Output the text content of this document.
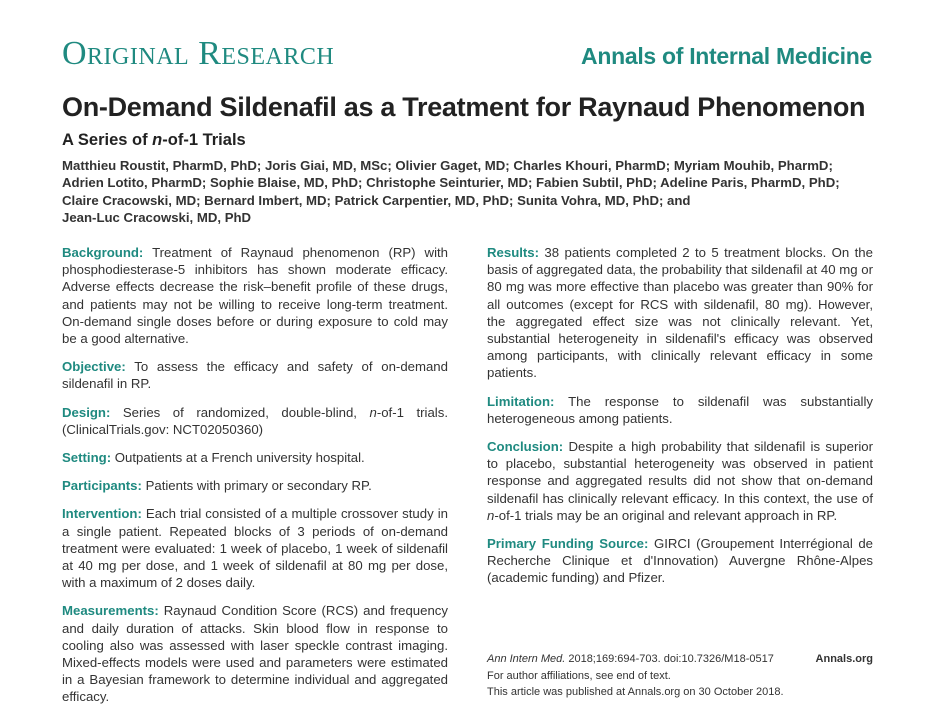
Original Research	Annals of Internal Medicine
On-Demand Sildenafil as a Treatment for Raynaud Phenomenon
A Series of n-of-1 Trials
Matthieu Roustit, PharmD, PhD; Joris Giai, MD, MSc; Olivier Gaget, MD; Charles Khouri, PharmD; Myriam Mouhib, PharmD;
Adrien Lotito, PharmD; Sophie Blaise, MD, PhD; Christophe Seinturier, MD; Fabien Subtil, PhD; Adeline Paris, PharmD, PhD;
Claire Cracowski, MD; Bernard Imbert, MD; Patrick Carpentier, MD, PhD; Sunita Vohra, MD, PhD; and
Jean-Luc Cracowski, MD, PhD

Background: Treatment of Raynaud phenomenon (RP) with phosphodiesterase-5 inhibitors has shown moderate efficacy. Adverse effects decrease the risk–benefit profile of these drugs, and patients may not be willing to receive long-term treatment. On-demand single doses before or during exposure to cold may be a good alternative.

Objective: To assess the efficacy and safety of on-demand sildenafil in RP.

Design: Series of randomized, double-blind, n-of-1 trials. (ClinicalTrials.gov: NCT02050360)

Setting: Outpatients at a French university hospital.

Participants: Patients with primary or secondary RP.

Intervention: Each trial consisted of a multiple crossover study in a single patient. Repeated blocks of 3 periods of on-demand treatment were evaluated: 1 week of placebo, 1 week of sildenafil at 40 mg per dose, and 1 week of sildenafil at 80 mg per dose, with a maximum of 2 doses daily.

Measurements: Raynaud Condition Score (RCS) and frequency and daily duration of attacks. Skin blood flow in response to cooling also was assessed with laser speckle contrast imaging. Mixed-effects models were used and parameters were estimated in a Bayesian framework to determine individual and aggregated efficacy.

Results: 38 patients completed 2 to 5 treatment blocks. On the basis of aggregated data, the probability that sildenafil at 40 mg or 80 mg was more effective than placebo was greater than 90% for all outcomes (except for RCS with sildenafil, 80 mg). However, the aggregated effect size was not clinically relevant. Yet, substantial heterogeneity in sildenafil's efficacy was observed among participants, with clinically relevant efficacy in some patients.

Limitation: The response to sildenafil was substantially heterogeneous among patients.

Conclusion: Despite a high probability that sildenafil is superior to placebo, substantial heterogeneity was observed in patient response and aggregated results did not show that on-demand sildenafil has clinically relevant efficacy. In this context, the use of n-of-1 trials may be an original and relevant approach in RP.

Primary Funding Source: GIRCI (Groupement Interrégional de Recherche Clinique et d'Innovation) Auvergne Rhône-Alpes (academic funding) and Pfizer.

Ann Intern Med. 2018;169:694-703. doi:10.7326/M18-0517	Annals.org
For author affiliations, see end of text.
This article was published at Annals.org on 30 October 2018.
